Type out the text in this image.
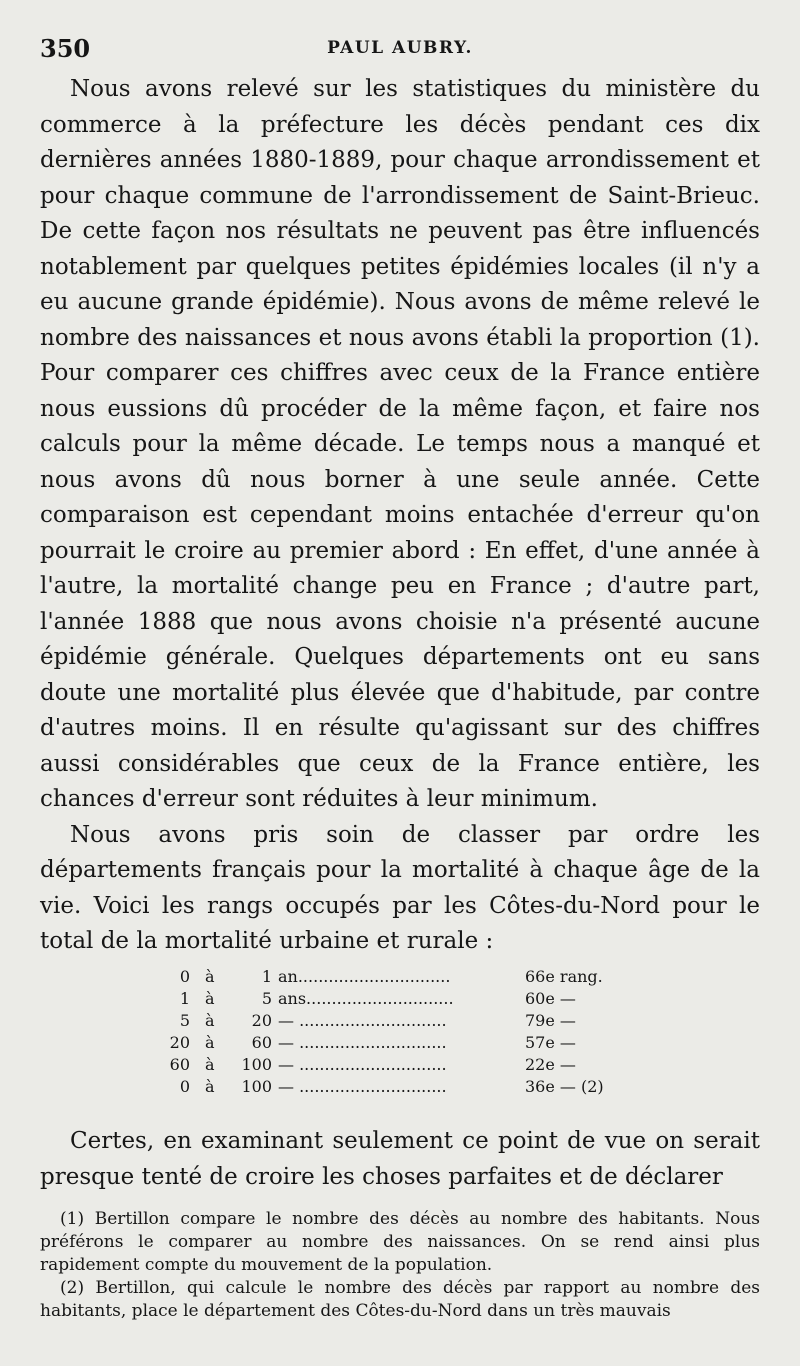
350	PAUL AUBRY.

Nous avons relevé sur les statistiques du ministère du commerce à la préfecture les décès pendant ces dix dernières années 1880-1889, pour chaque arrondissement et pour chaque commune de l'arrondissement de Saint-Brieuc. De cette façon nos résultats ne peuvent pas être influencés notablement par quelques petites épidémies locales (il n'y a eu aucune grande épidémie). Nous avons de même relevé le nombre des naissances et nous avons établi la proportion (1). Pour comparer ces chiffres avec ceux de la France entière nous eussions dû procéder de la même façon, et faire nos calculs pour la même décade. Le temps nous a manqué et nous avons dû nous borner à une seule année. Cette comparaison est cependant moins entachée d'erreur qu'on pourrait le croire au premier abord : En effet, d'une année à l'autre, la mortalité change peu en France ; d'autre part, l'année 1888 que nous avons choisie n'a présenté aucune épidémie générale. Quelques départements ont eu sans doute une mortalité plus élevée que d'habitude, par contre d'autres moins. Il en résulte qu'agissant sur des chiffres aussi considérables que ceux de la France entière, les chances d'erreur sont réduites à leur minimum.

Nous avons pris soin de classer par ordre les départements français pour la mortalité à chaque âge de la vie. Voici les rangs occupés par les Côtes-du-Nord pour le total de la mortalité urbaine et rurale :

0 à	1 an..............................	66e rang.
1 à	5 ans.............................	60e —
5 à	20 — .............................	79e —
20 à	60 — .............................	57e —
60 à	100 — .............................	22e —
0 à	100 — .............................	36e — (2)

Certes, en examinant seulement ce point de vue on serait presque tenté de croire les choses parfaites et de déclarer

(1) Bertillon compare le nombre des décès au nombre des habitants. Nous préférons le comparer au nombre des naissances. On se rend ainsi plus rapidement compte du mouvement de la population.

(2) Bertillon, qui calcule le nombre des décès par rapport au nombre des habitants, place le département des Côtes-du-Nord dans un très mauvais
